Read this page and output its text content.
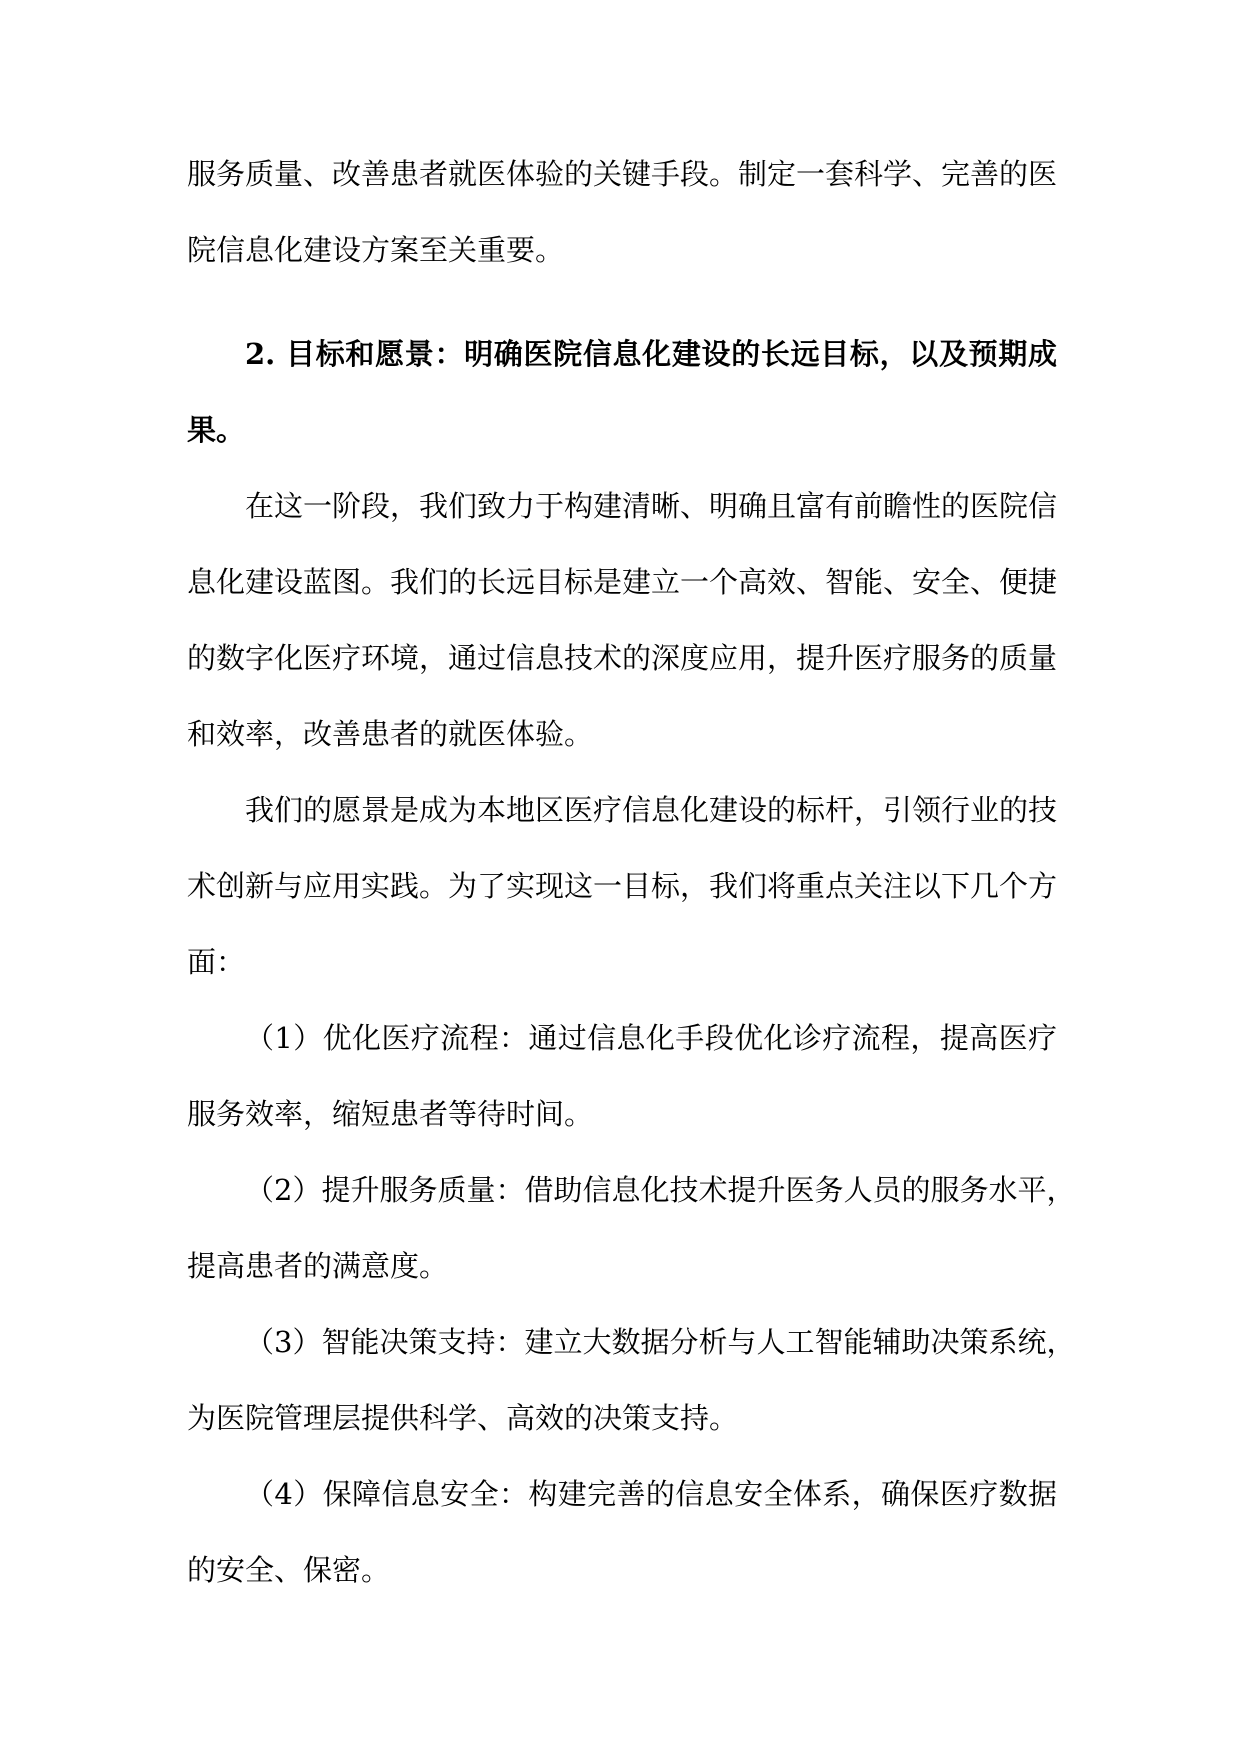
服务质量、改善患者就医体验的关键手段。制定一套科学、完善的医
院信息化建设方案至关重要。
2. 目标和愿景：明确医院信息化建设的长远目标，以及预期成
果。
在这一阶段，我们致力于构建清晰、明确且富有前瞻性的医院信
息化建设蓝图。我们的长远目标是建立一个高效、智能、安全、便捷
的数字化医疗环境，通过信息技术的深度应用，提升医疗服务的质量
和效率，改善患者的就医体验。
我们的愿景是成为本地区医疗信息化建设的标杆，引领行业的技
术创新与应用实践。为了实现这一目标，我们将重点关注以下几个方
面：
（1）优化医疗流程：通过信息化手段优化诊疗流程，提高医疗
服务效率，缩短患者等待时间。
（2）提升服务质量：借助信息化技术提升医务人员的服务水平，
提高患者的满意度。
（3）智能决策支持：建立大数据分析与人工智能辅助决策系统，
为医院管理层提供科学、高效的决策支持。
（4）保障信息安全：构建完善的信息安全体系，确保医疗数据
的安全、保密。
